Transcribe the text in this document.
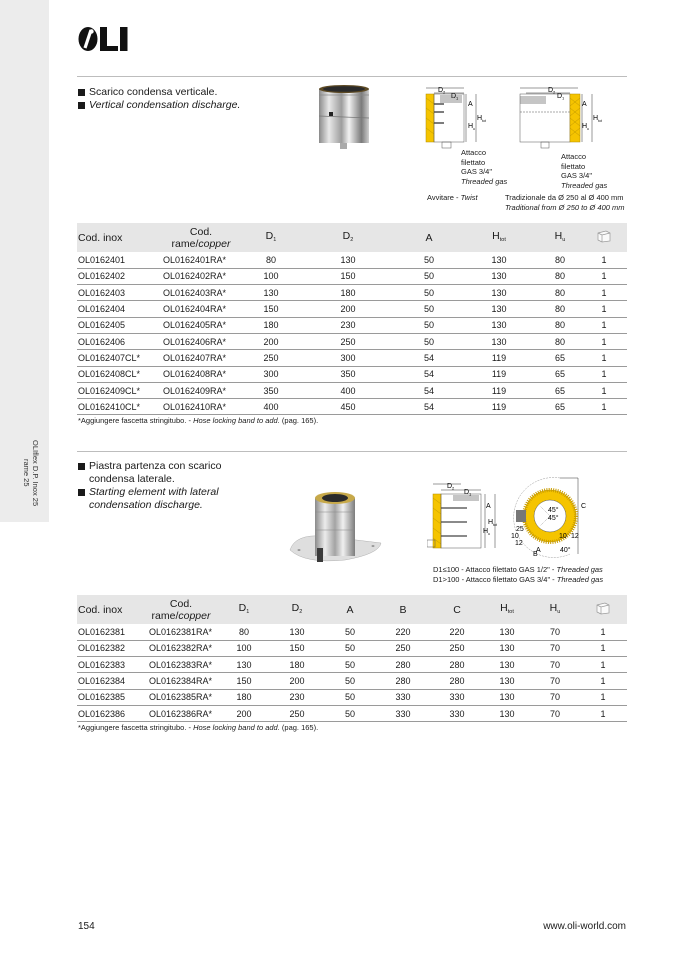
OLIflex D.P. Inox 25
rame 25
Scarico condensa verticale.
Vertical condensation discharge.
D 2
D 1
A
H tot
H u
Attacco
filettato
GAS 3/4"
Threaded gas
Avvitare - Twist
D 2
D 1
A
H tot
H u
Attacco
filettato
GAS 3/4"
Threaded gas
Tradizionale da Ø 250 al Ø 400 mm
Traditional from Ø 250 to Ø 400 mm
Cod. inox	Cod.
rame/copper	$D_1$	$D_2$	A	$H_{tot}$	$H_u$	
OL0162401	OL0162401RA*	80	130	50	130	80	1
OL0162402	OL0162402RA*	100	150	50	130	80	1
OL0162403	OL0162403RA*	130	180	50	130	80	1
OL0162404	OL0162404RA*	150	200	50	130	80	1
OL0162405	OL0162405RA*	180	230	50	130	80	1
OL0162406	OL0162406RA*	200	250	50	130	80	1
OL0162407CL*	OL0162407RA*	250	300	54	119	65	1
OL0162408CL*	OL0162408RA*	300	350	54	119	65	1
OL0162409CL*	OL0162409RA*	350	400	54	119	65	1
OL0162410CL*	OL0162410RA*	400	450	54	119	65	1
*Aggiungere fascetta stringitubo. - Hose locking band to add. (pag. 165).
Piastra partenza con scarico
condensa laterale.
Starting element with lateral
condensation discharge.
D 2
D 1
A
H tot
H u
45°
45°
25
10
12
10 12
40°
A
B
C
D1≤100 - Attacco filettato GAS 1/2" - Threaded gas
D1>100 - Attacco filettato GAS 3/4" - Threaded gas
Cod. inox	Cod.
rame/copper	$D_1$	$D_2$	A	B	C	$H_{tot}$	$H_u$	
OL0162381	OL0162381RA*	80	130	50	220	220	130	70	1
OL0162382	OL0162382RA*	100	150	50	250	250	130	70	1
OL0162383	OL0162383RA*	130	180	50	280	280	130	70	1
OL0162384	OL0162384RA*	150	200	50	280	280	130	70	1
OL0162385	OL0162385RA*	180	230	50	330	330	130	70	1
OL0162386	OL0162386RA*	200	250	50	330	330	130	70	1
*Aggiungere fascetta stringitubo. - Hose locking band to add. (pag. 165).
154	www.oli-world.com
